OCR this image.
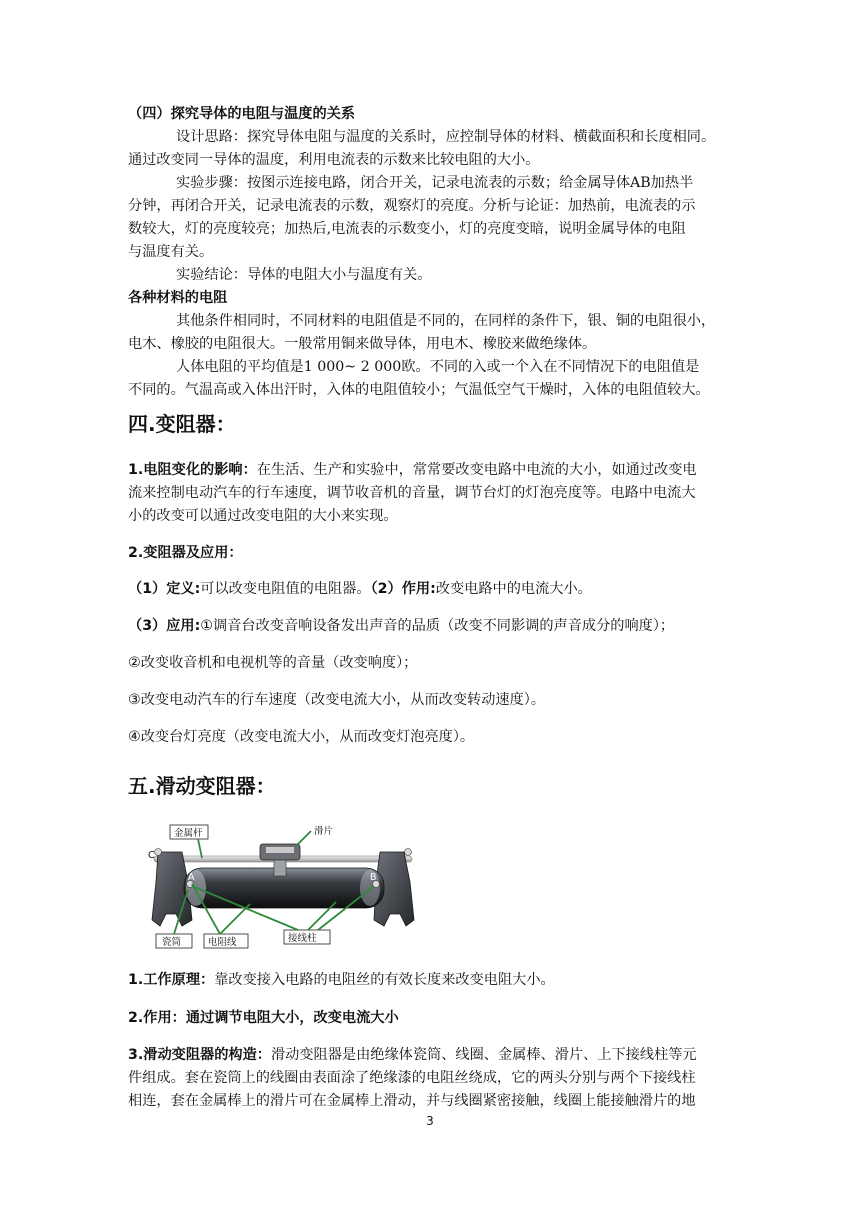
（四）探究导体的电阻与温度的关系
设计思路：探究导体电阻与温度的关系时，应控制导体的材料、横截面积和长度相同。
通过改变同一导体的温度，利用电流表的示数来比较电阻的大小。
实验步骤：按图示连接电路，闭合开关，记录电流表的示数；给金属导体AB加热半
分钟，再闭合开关，记录电流表的示数，观察灯的亮度。分析与论证：加热前，电流表的示
数较大，灯的亮度较亮；加热后,电流表的示数变小，灯的亮度变暗，说明金属导体的电阻
与温度有关。
实验结论：导体的电阻大小与温度有关。
各种材料的电阻
其他条件相同时，不同材料的电阻值是不同的，在同样的条件下，银、铜的电阻很小，
电木、橡胶的电阻很大。一般常用铜来做导体，用电木、橡胶来做绝缘体。
人体电阻的平均值是1 000~ 2 000欧。不同的入或一个入在不同情况下的电阻值是
不同的。气温高或入体出汗时，入体的电阻值较小；气温低空气干燥时，入体的电阻值较大。
四.变阻器：
1.电阻变化的影响：在生活、生产和实验中，常常要改变电路中电流的大小，如通过改变电
流来控制电动汽车的行车速度，调节收音机的音量，调节台灯的灯泡亮度等。电路中电流大
小的改变可以通过改变电阻的大小来实现。
2.变阻器及应用：
（1）定义:可以改变电阻值的电阻器。（2）作用:改变电路中的电流大小。
（3）应用:①调音台改变音响设备发出声音的品质（改变不同影调的声音成分的响度）；
②改变收音机和电视机等的音量（改变响度）；
③改变电动汽车的行车速度（改变电流大小，从而改变转动速度）。
④改变台灯亮度（改变电流大小，从而改变灯泡亮度）。
五.滑动变阻器：
C
A	B
金属杆	滑片
瓷筒	电阻线	接线柱
1.工作原理：靠改变接入电路的电阻丝的有效长度来改变电阻大小。
2.作用：通过调节电阻大小，改变电流大小
3.滑动变阻器的构造：滑动变阻器是由绝缘体瓷筒、线圈、金属棒、滑片、上下接线柱等元
件组成。套在瓷筒上的线圈由表面涂了绝缘漆的电阻丝绕成，它的两头分别与两个下接线柱
相连，套在金属棒上的滑片可在金属棒上滑动，并与线圈紧密接触，线圈上能接触滑片的地
3
